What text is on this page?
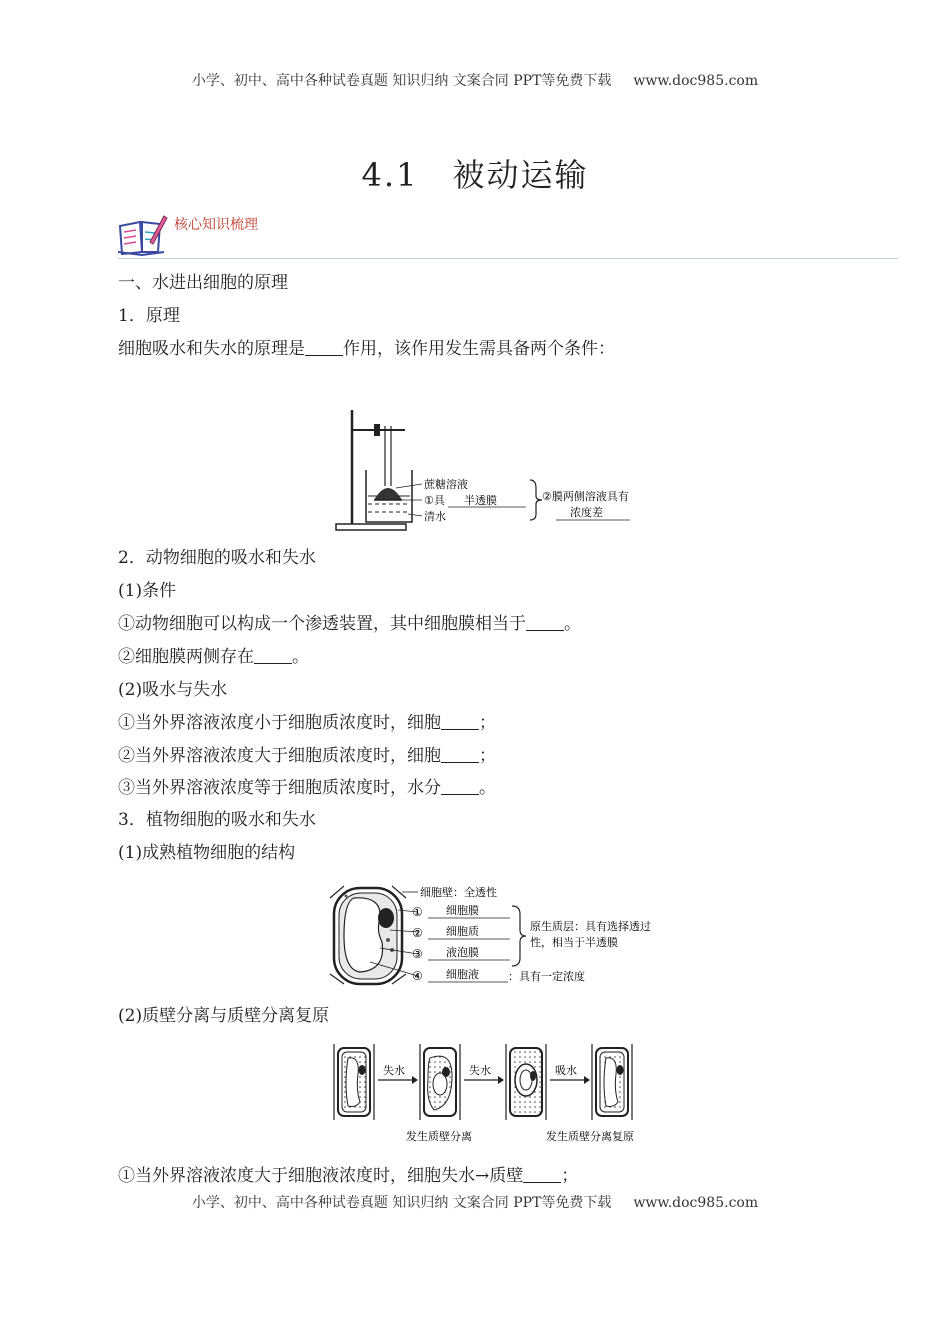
小学、初中、高中各种试卷真题 知识归纳 文案合同 PPT等免费下载 www.doc985.com
4.1　被动运输
核心知识梳理
一、水进出细胞的原理
1．原理
细胞吸水和失水的原理是 作用，该作用发生需具备两个条件：
蔗糖溶液
①具 半透膜
清水
②膜两侧溶液具有
浓度差
2．动物细胞的吸水和失水
(1)条件
①动物细胞可以构成一个渗透装置，其中细胞膜相当于 。
②细胞膜两侧存在 。
(2)吸水与失水
①当外界溶液浓度小于细胞质浓度时，细胞 ；
②当外界溶液浓度大于细胞质浓度时，细胞 ；
③当外界溶液浓度等于细胞质浓度时，水分 。
3．植物细胞的吸水和失水
(1)成熟植物细胞的结构
细胞壁：全透性
① 细胞膜
② 细胞质
③ 液泡膜
④ 细胞液	：具有一定浓度
原生质层：具有选择透过
性，相当于半透膜
(2)质壁分离与质壁分离复原
失水	失水	吸水
发生质壁分离	发生质壁分离复原
①当外界溶液浓度大于细胞液浓度时，细胞失水→质壁 ；
小学、初中、高中各种试卷真题 知识归纳 文案合同 PPT等免费下载 www.doc985.com
